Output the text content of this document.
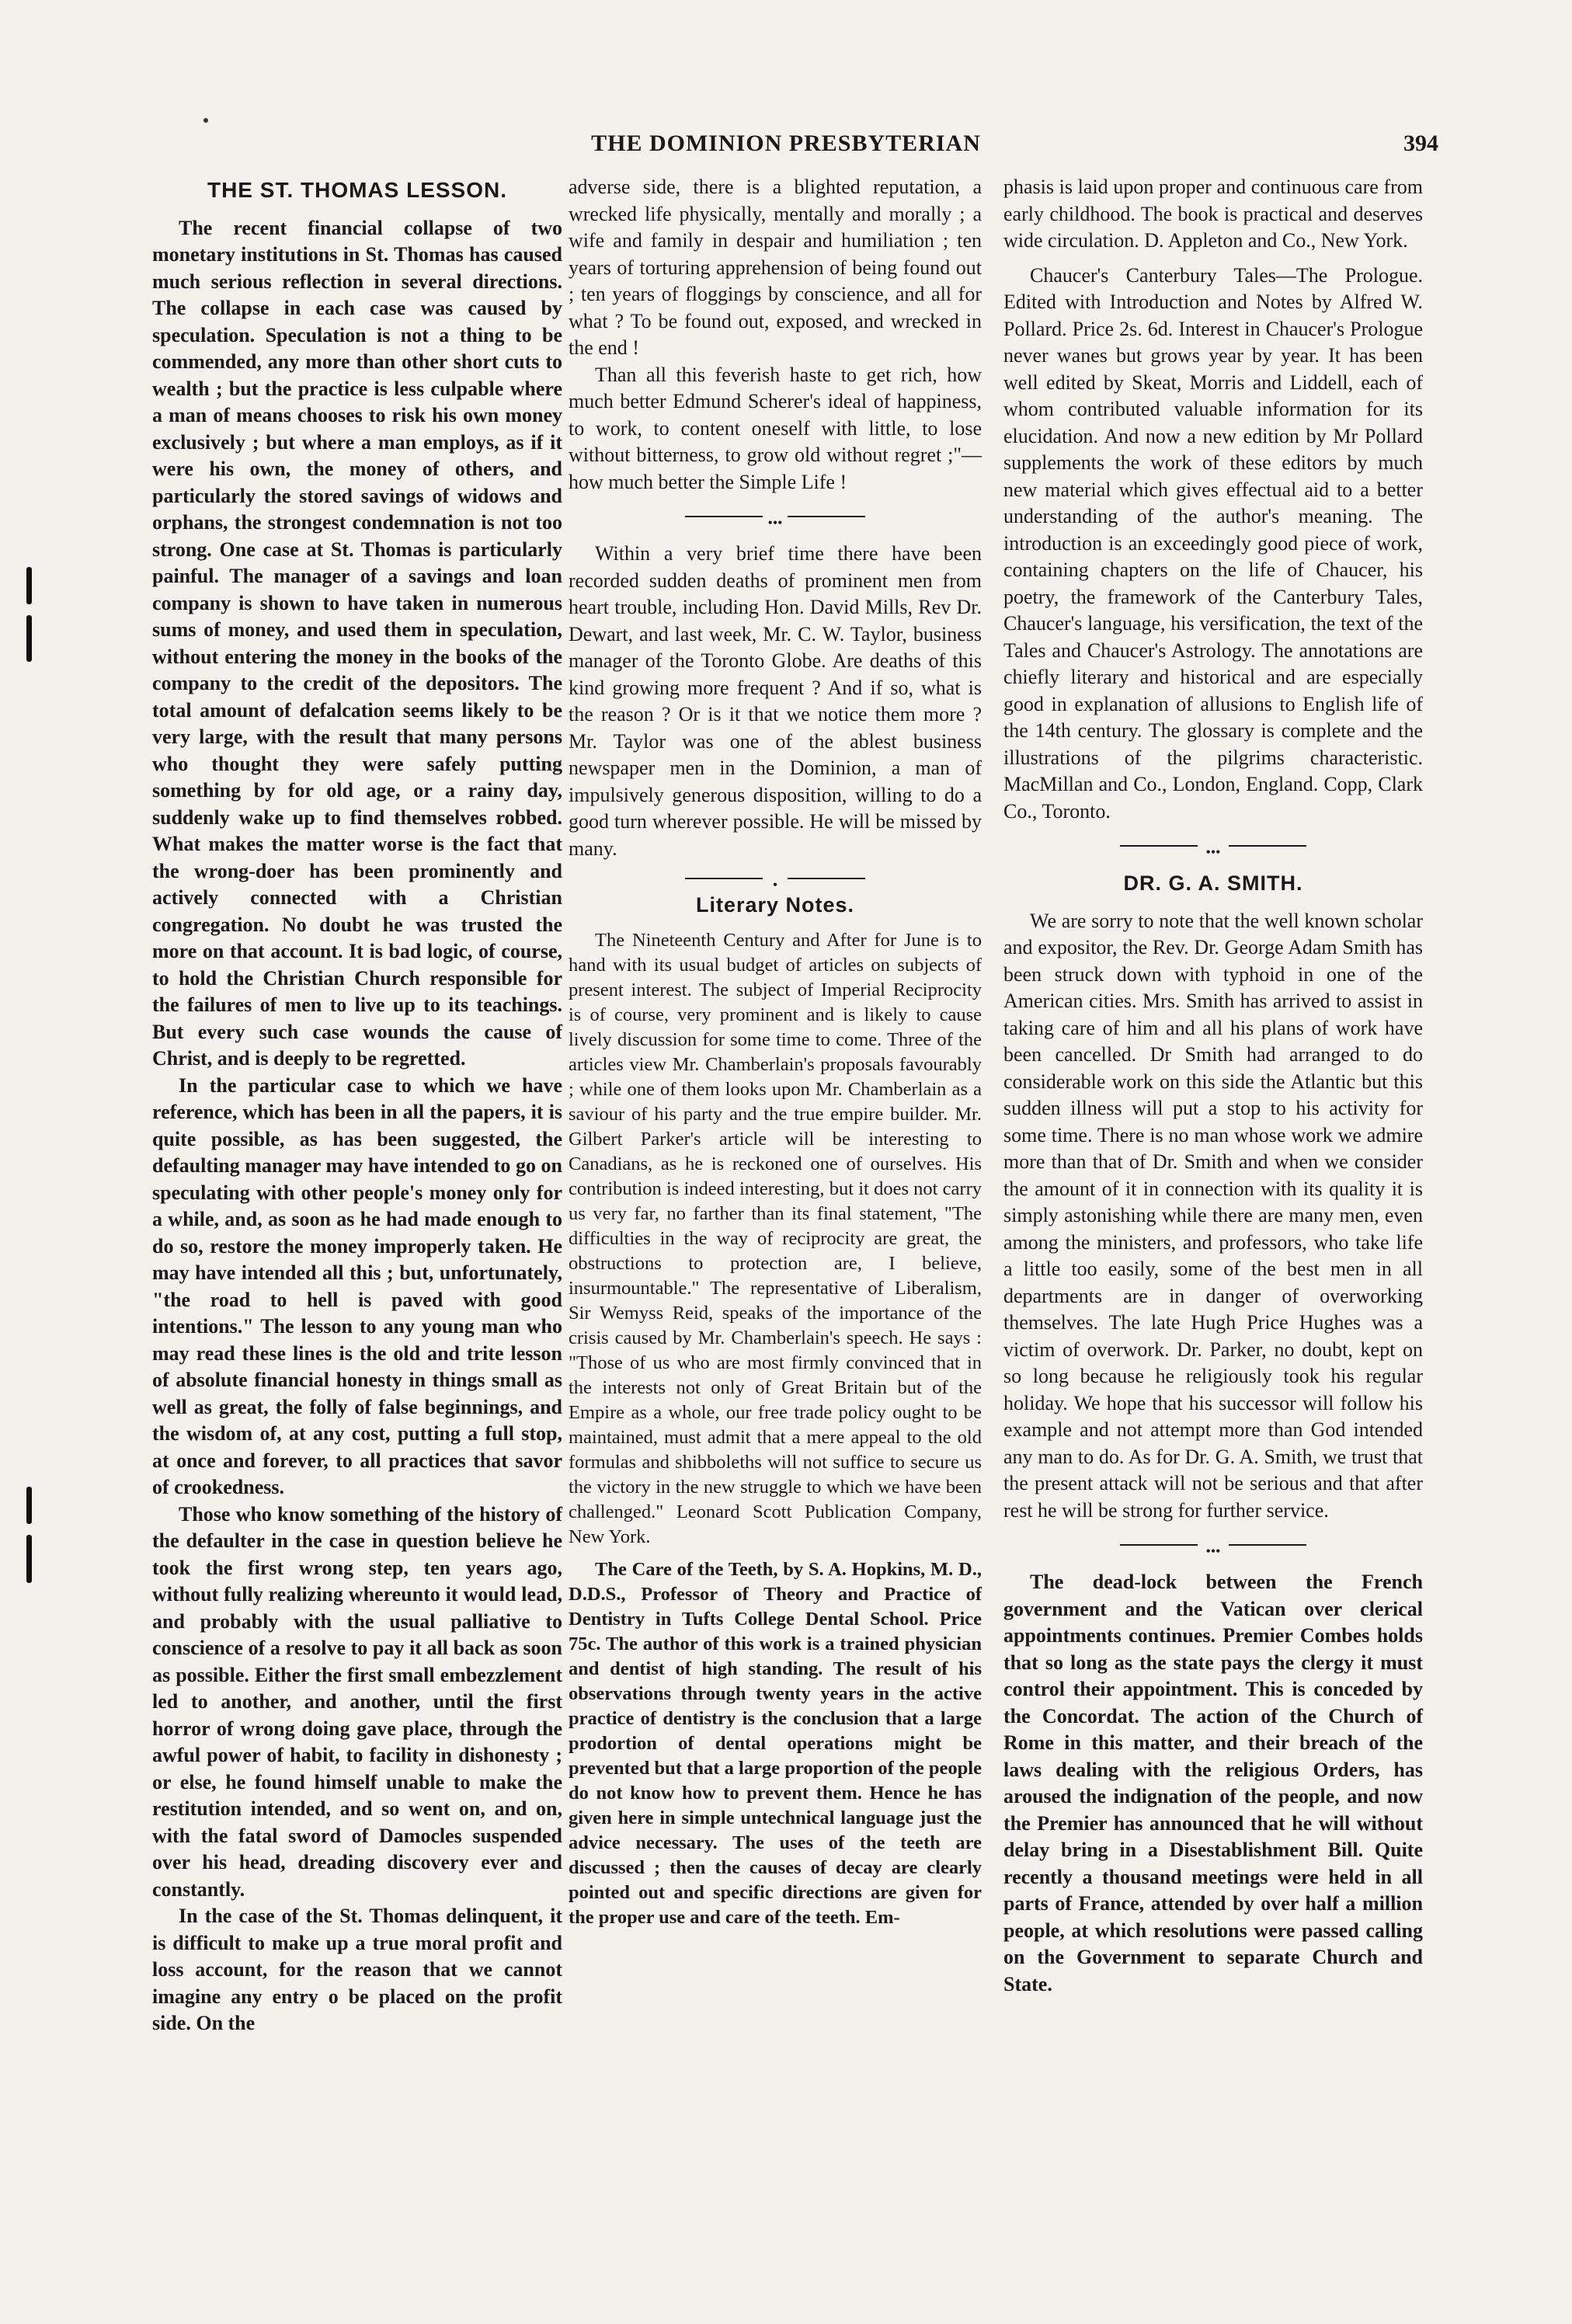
THE DOMINION PRESBYTERIAN	394
THE ST. THOMAS LESSON.

The recent financial collapse of two monetary institutions in St. Thomas has caused much serious reflection in several directions. The collapse in each case was caused by speculation. Speculation is not a thing to be commended, any more than other short cuts to wealth ; but the practice is less culpable where a man of means chooses to risk his own money exclusively ; but where a man employs, as if it were his own, the money of others, and particularly the stored savings of widows and orphans, the strongest condemnation is not too strong. One case at St. Thomas is particularly painful. The manager of a savings and loan company is shown to have taken in numerous sums of money, and used them in speculation, without entering the money in the books of the company to the credit of the depositors. The total amount of defalcation seems likely to be very large, with the result that many persons who thought they were safely putting something by for old age, or a rainy day, suddenly wake up to find themselves robbed. What makes the matter worse is the fact that the wrong-doer has been prominently and actively connected with a Christian congregation. No doubt he was trusted the more on that account. It is bad logic, of course, to hold the Christian Church responsible for the failures of men to live up to its teachings. But every such case wounds the cause of Christ, and is deeply to be regretted.

In the particular case to which we have reference, which has been in all the papers, it is quite possible, as has been suggested, the defaulting manager may have intended to go on speculating with other people's money only for a while, and, as soon as he had made enough to do so, restore the money improperly taken. He may have intended all this ; but, unfortunately, "the road to hell is paved with good intentions." The lesson to any young man who may read these lines is the old and trite lesson of absolute financial honesty in things small as well as great, the folly of false beginnings, and the wisdom of, at any cost, putting a full stop, at once and forever, to all practices that savor of crookedness.

Those who know something of the history of the defaulter in the case in question believe he took the first wrong step, ten years ago, without fully realizing whereunto it would lead, and probably with the usual palliative to conscience of a resolve to pay it all back as soon as possible. Either the first small embezzlement led to another, and another, until the first horror of wrong doing gave place, through the awful power of habit, to facility in dishonesty ; or else, he found himself unable to make the restitution intended, and so went on, and on, with the fatal sword of Damocles suspended over his head, dreading discovery ever and constantly.

In the case of the St. Thomas delinquent, it is difficult to make up a true moral profit and loss account, for the reason that we cannot imagine any entry o be placed on the profit side. On the

adverse side, there is a blighted reputation, a wrecked life physically, mentally and morally ; a wife and family in despair and humiliation ; ten years of torturing apprehension of being found out ; ten years of floggings by conscience, and all for what ? To be found out, exposed, and wrecked in the end !

Than all this feverish haste to get rich, how much better Edmund Scherer's ideal of happiness, to work, to content oneself with little, to lose without bitterness, to grow old without regret ;"—how much better the Simple Life !

•••

Within a very brief time there have been recorded sudden deaths of prominent men from heart trouble, including Hon. David Mills, Rev Dr. Dewart, and last week, Mr. C. W. Taylor, business manager of the Toronto Globe. Are deaths of this kind growing more frequent ? And if so, what is the reason ? Or is it that we notice them more ? Mr. Taylor was one of the ablest business newspaper men in the Dominion, a man of impulsively generous disposition, willing to do a good turn wherever possible. He will be missed by many.

•
Literary Notes.

The Nineteenth Century and After for June is to hand with its usual budget of articles on subjects of present interest. The subject of Imperial Reciprocity is of course, very prominent and is likely to cause lively discussion for some time to come. Three of the articles view Mr. Chamberlain's proposals favourably ; while one of them looks upon Mr. Chamberlain as a saviour of his party and the true empire builder. Mr. Gilbert Parker's article will be interesting to Canadians, as he is reckoned one of ourselves. His contribution is indeed interesting, but it does not carry us very far, no farther than its final statement, "The difficulties in the way of reciprocity are great, the obstructions to protection are, I believe, insurmountable." The representative of Liberalism, Sir Wemyss Reid, speaks of the importance of the crisis caused by Mr. Chamberlain's speech. He says : "Those of us who are most firmly convinced that in the interests not only of Great Britain but of the Empire as a whole, our free trade policy ought to be maintained, must admit that a mere appeal to the old formulas and shibboleths will not suffice to secure us the victory in the new struggle to which we have been challenged." Leonard Scott Publication Company, New York.

The Care of the Teeth, by S. A. Hopkins, M. D., D.D.S., Professor of Theory and Practice of Dentistry in Tufts College Dental School. Price 75c. The author of this work is a trained physician and dentist of high standing. The result of his observations through twenty years in the active practice of dentistry is the conclusion that a large prodortion of dental operations might be prevented but that a large proportion of the people do not know how to prevent them. Hence he has given here in simple untechnical language just the advice necessary. The uses of the teeth are discussed ; then the causes of decay are clearly pointed out and specific directions are given for the proper use and care of the teeth. Em-

phasis is laid upon proper and continuous care from early childhood. The book is practical and deserves wide circulation. D. Appleton and Co., New York.

Chaucer's Canterbury Tales—The Prologue. Edited with Introduction and Notes by Alfred W. Pollard. Price 2s. 6d. Interest in Chaucer's Prologue never wanes but grows year by year. It has been well edited by Skeat, Morris and Liddell, each of whom contributed valuable information for its elucidation. And now a new edition by Mr Pollard supplements the work of these editors by much new material which gives effectual aid to a better understanding of the author's meaning. The introduction is an exceedingly good piece of work, containing chapters on the life of Chaucer, his poetry, the framework of the Canterbury Tales, Chaucer's language, his versification, the text of the Tales and Chaucer's Astrology. The annotations are chiefly literary and historical and are especially good in explanation of allusions to English life of the 14th century. The glossary is complete and the illustrations of the pilgrims characteristic. MacMillan and Co., London, England. Copp, Clark Co., Toronto.

•••
DR. G. A. SMITH.

We are sorry to note that the well known scholar and expositor, the Rev. Dr. George Adam Smith has been struck down with typhoid in one of the American cities. Mrs. Smith has arrived to assist in taking care of him and all his plans of work have been cancelled. Dr Smith had arranged to do considerable work on this side the Atlantic but this sudden illness will put a stop to his activity for some time. There is no man whose work we admire more than that of Dr. Smith and when we consider the amount of it in connection with its quality it is simply astonishing while there are many men, even among the ministers, and professors, who take life a little too easily, some of the best men in all departments are in danger of overworking themselves. The late Hugh Price Hughes was a victim of overwork. Dr. Parker, no doubt, kept on so long because he religiously took his regular holiday. We hope that his successor will follow his example and not attempt more than God intended any man to do. As for Dr. G. A. Smith, we trust that the present attack will not be serious and that after rest he will be strong for further service.

•••

The dead-lock between the French government and the Vatican over clerical appointments continues. Premier Combes holds that so long as the state pays the clergy it must control their appointment. This is conceded by the Concordat. The action of the Church of Rome in this matter, and their breach of the laws dealing with the religious Orders, has aroused the indignation of the people, and now the Premier has announced that he will without delay bring in a Disestablishment Bill. Quite recently a thousand meetings were held in all parts of France, attended by over half a million people, at which resolutions were passed calling on the Government to separate Church and State.
